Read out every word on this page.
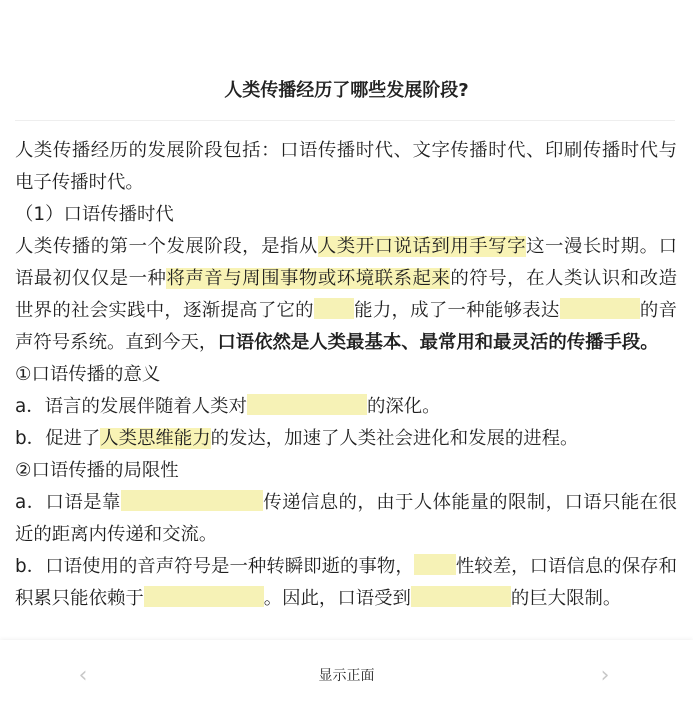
人类传播经历了哪些发展阶段?

人类传播经历的发展阶段包括：口语传播时代、文字传播时代、印刷传播时代与电子传播时代。

（1）口语传播时代

人类传播的第一个发展阶段，是指从人类开口说话到用手写字这一漫长时期。口语最初仅仅是一种将声音与周围事物或环境联系起来的符号，在人类认识和改造世界的社会实践中，逐渐提高了它的 能力，成了一种能够表达	的音声符号系统。直到今天，口语依然是人类最基本、最常用和最灵活的传播手段。

①口语传播的意义

a．语言的发展伴随着人类对	的深化。

b．促进了人类思维能力的发达，加速了人类社会进化和发展的进程。

②口语传播的局限性

a．口语是靠	传递信息的，由于人体能量的限制，口语只能在很近的距离内传递和交流。

b．口语使用的音声符号是一种转瞬即逝的事物， 性较差，口语信息的保存和积累只能依赖于	。因此，口语受到	的巨大限制。

‹	显示正面	›
